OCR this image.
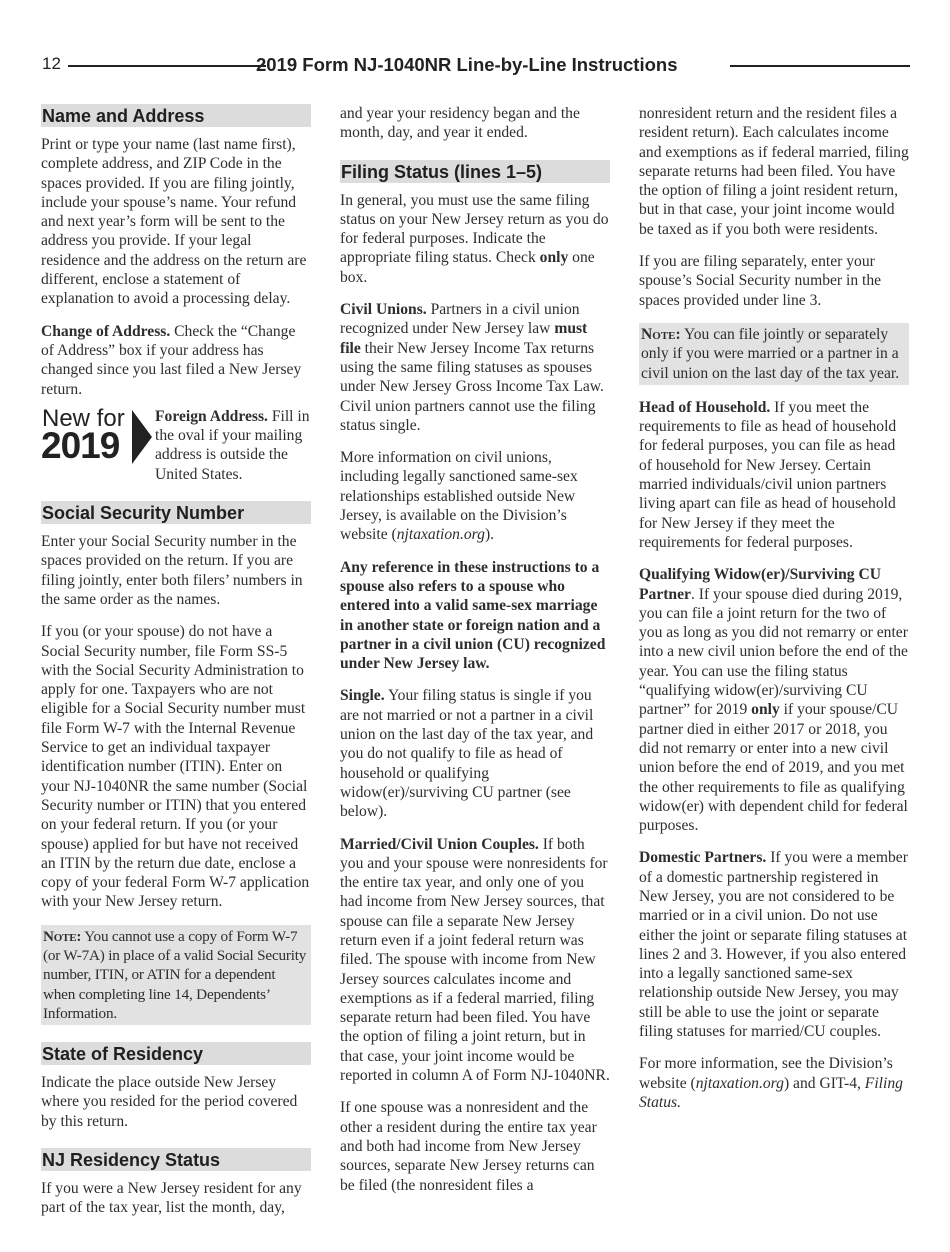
12	2019 Form NJ-1040NR Line-by-Line Instructions
Name and Address

Print or type your name (last name first), complete address, and ZIP Code in the spaces provided. If you are filing jointly, include your spouse’s name. Your refund and next year’s form will be sent to the address you provide. If your legal residence and the address on the return are different, enclose a statement of explanation to avoid a processing delay.

Change of Address. Check the “Change of Address” box if your address has changed since you last filed a New Jersey return.

New for
2019
Foreign Address. Fill in the oval if your mailing address is outside the United States.
Social Security Number

Enter your Social Security number in the spaces provided on the return. If you are filing jointly, enter both filers’ numbers in the same order as the names.

If you (or your spouse) do not have a Social Security number, file Form SS-5 with the Social Security Administration to apply for one. Taxpayers who are not eligible for a Social Security number must file Form W-7 with the Internal Revenue Service to get an individual taxpayer identification number (ITIN). Enter on your NJ-1040NR the same number (Social Security number or ITIN) that you entered on your federal return. If you (or your spouse) applied for but have not received an ITIN by the return due date, enclose a copy of your federal Form W-7 application with your New Jersey return.

Note: You cannot use a copy of Form W-7 (or W-7A) in place of a valid Social Security number, ITIN, or ATIN for a dependent when completing line 14, Dependents’ Information.
State of Residency

Indicate the place outside New Jersey where you resided for the period covered by this return.

NJ Residency Status

If you were a New Jersey resident for any part of the tax year, list the month, day,

and year your residency began and the month, day, and year it ended.

Filing Status (lines 1–5)

In general, you must use the same filing status on your New Jersey return as you do for federal purposes. Indicate the appropriate filing status. Check only one box.

Civil Unions. Partners in a civil union recognized under New Jersey law must file their New Jersey Income Tax returns using the same filing statuses as spouses under New Jersey Gross Income Tax Law. Civil union partners cannot use the filing status single.

More information on civil unions, including legally sanctioned same-sex relationships established outside New Jersey, is available on the Division’s website (njtaxation.org).

Any reference in these instructions to a spouse also refers to a spouse who entered into a valid same-sex marriage in another state or foreign nation and a partner in a civil union (CU) recognized under New Jersey law.

Single. Your filing status is single if you are not married or not a partner in a civil union on the last day of the tax year, and you do not qualify to file as head of household or qualifying widow(er)/surviving CU partner (see below).

Married/Civil Union Couples. If both you and your spouse were nonresidents for the entire tax year, and only one of you had income from New Jersey sources, that spouse can file a separate New Jersey return even if a joint federal return was filed. The spouse with income from New Jersey sources calculates income and exemptions as if a federal married, filing separate return had been filed. You have the option of filing a joint return, but in that case, your joint income would be reported in column A of Form NJ-1040NR.

If one spouse was a nonresident and the other a resident during the entire tax year and both had income from New Jersey sources, separate New Jersey returns can be filed (the nonresident files a

nonresident return and the resident files a resident return). Each calculates income and exemptions as if federal married, filing separate returns had been filed. You have the option of filing a joint resident return, but in that case, your joint income would be taxed as if you both were residents.

If you are filing separately, enter your spouse’s Social Security number in the spaces provided under line 3.

Note: You can file jointly or separately only if you were married or a partner in a civil union on the last day of the tax year.

Head of Household. If you meet the requirements to file as head of household for federal purposes, you can file as head of household for New Jersey. Certain married individuals/civil union partners living apart can file as head of household for New Jersey if they meet the requirements for federal purposes.

Qualifying Widow(er)/Surviving CU Partner. If your spouse died during 2019, you can file a joint return for the two of you as long as you did not remarry or enter into a new civil union before the end of the year. You can use the filing status “qualifying widow(er)/surviving CU partner” for 2019 only if your spouse/CU partner died in either 2017 or 2018, you did not remarry or enter into a new civil union before the end of 2019, and you met the other requirements to file as qualifying widow(er) with dependent child for federal purposes.

Domestic Partners. If you were a member of a domestic partnership registered in New Jersey, you are not considered to be married or in a civil union. Do not use either the joint or separate filing statuses at lines 2 and 3. However, if you also entered into a legally sanctioned same-sex relationship outside New Jersey, you may still be able to use the joint or separate filing statuses for married/CU couples.

For more information, see the Division’s website (njtaxation.org) and GIT-4, Filing Status.
